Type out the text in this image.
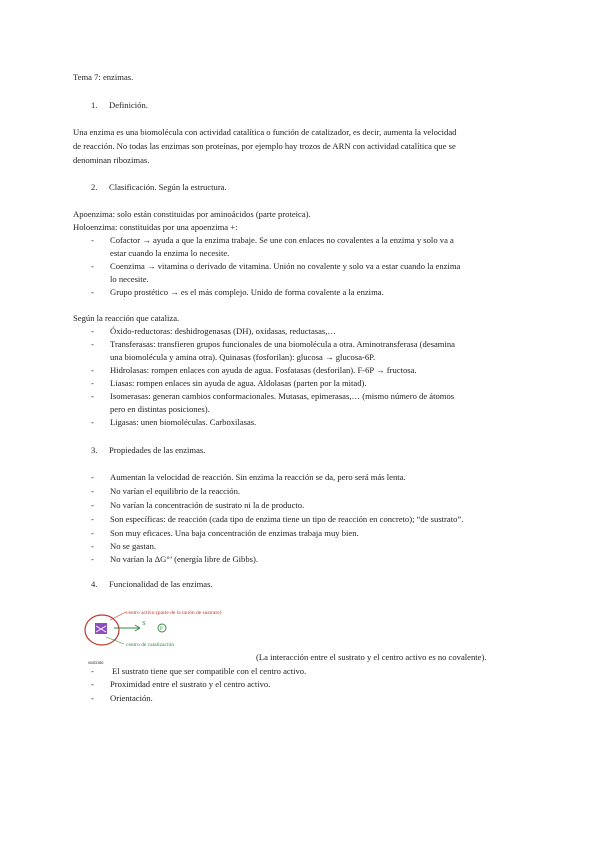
Tema 7: enzimas.
1. Definición.
Una enzima es una biomolécula con actividad catalítica o función de catalizador, es decir, aumenta la velocidad
de reacción. No todas las enzimas son proteínas, por ejemplo hay trozos de ARN con actividad catalítica que se
denominan ribozimas.
2. Clasificación. Según la estructura.
Apoenzima: solo están constituidas por aminoácidos (parte proteica).
Holoenzima: constituidas por una apoenzima +:
- Cofactor → ayuda a que la enzima trabaje. Se une con enlaces no covalentes a la enzima y solo va a
estar cuando la enzima lo necesite.
- Coenzima → vitamina o derivado de vitamina. Unión no covalente y solo va a estar cuando la enzima
lo necesite.
- Grupo prostético → es el más complejo. Unido de forma covalente a la enzima.
Según la reacción que cataliza.
- Óxido-reductoras: deshidrogenasas (DH), oxidasas, reductasas,…
- Transferasas: transfieren grupos funcionales de una biomolécula a otra. Aminotransferasa (desamina
una biomolécula y amina otra). Quinasas (fosforilan): glucosa → glucosa-6P.
- Hidrolasas: rompen enlaces con ayuda de agua. Fosfatasas (desforilan). F-6P → fructosa.
- Liasas: rompen enlaces sin ayuda de agua. Aldolasas (parten por la mitad).
- Isomerasas: generan cambios conformacionales. Mutasas, epimerasas,… (mismo número de átomos
pero en distintas posiciones).
- Ligasas: unen biomoléculas. Carboxilasas.
3. Propiedades de las enzimas.
- Aumentan la velocidad de reacción. Sin enzima la reacción se da, pero será más lenta.
- No varían el equilibrio de la reacción.
- No varían la concentración de sustrato ni la de producto.
- Son específicas: de reacción (cada tipo de enzima tiene un tipo de reacción en concreto); “de sustrato”.
- Son muy eficaces. Una baja concentración de enzimas trabaja muy bien.
- No se gastan.
- No varían la ΔG°’ (energía libre de Gibbs).
4. Funcionalidad de las enzimas.
centro activo (parte de la unión de sustrato)
S
P
centro de catalización
sustrato
(La interacción entre el sustrato y el centro activo es no covalente).
- El sustrato tiene que ser compatible con el centro activo.
- Proximidad entre el sustrato y el centro activo.
- Orientación.
